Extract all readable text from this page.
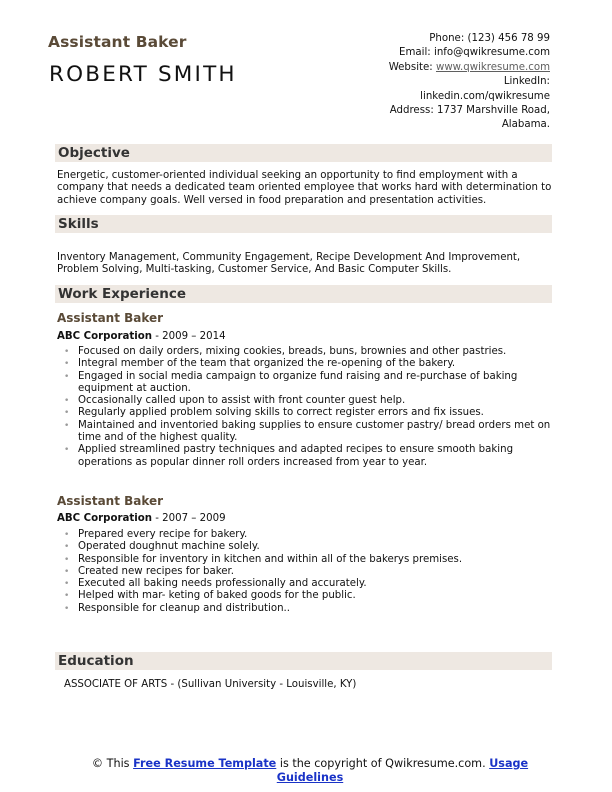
Assistant Baker
ROBERT SMITH
Phone: (123) 456 78 99
Email: info@qwikresume.com
Website: www.qwikresume.com
LinkedIn:
linkedin.com/qwikresume
Address: 1737 Marshville Road,
Alabama.
Objective
Energetic, customer-oriented individual seeking an opportunity to find employment with a company that needs a dedicated team oriented employee that works hard with determination to achieve company goals. Well versed in food preparation and presentation activities.
Skills
Inventory Management, Community Engagement, Recipe Development And Improvement, Problem Solving, Multi-tasking, Customer Service, And Basic Computer Skills.
Work Experience
Assistant Baker
ABC Corporation - 2009 – 2014
• Focused on daily orders, mixing cookies, breads, buns, brownies and other pastries.
• Integral member of the team that organized the re-opening of the bakery.
• Engaged in social media campaign to organize fund raising and re-purchase of baking equipment at auction.
• Occasionally called upon to assist with front counter guest help.
• Regularly applied problem solving skills to correct register errors and fix issues.
• Maintained and inventoried baking supplies to ensure customer pastry/ bread orders met on time and of the highest quality.
• Applied streamlined pastry techniques and adapted recipes to ensure smooth baking operations as popular dinner roll orders increased from year to year.
Assistant Baker
ABC Corporation - 2007 – 2009
• Prepared every recipe for bakery.
• Operated doughnut machine solely.
• Responsible for inventory in kitchen and within all of the bakerys premises.
• Created new recipes for baker.
• Executed all baking needs professionally and accurately.
• Helped with mar- keting of baked goods for the public.
• Responsible for cleanup and distribution..
Education
ASSOCIATE OF ARTS - (Sullivan University - Louisville, KY)
© This Free Resume Template is the copyright of Qwikresume.com. Usage Guidelines
